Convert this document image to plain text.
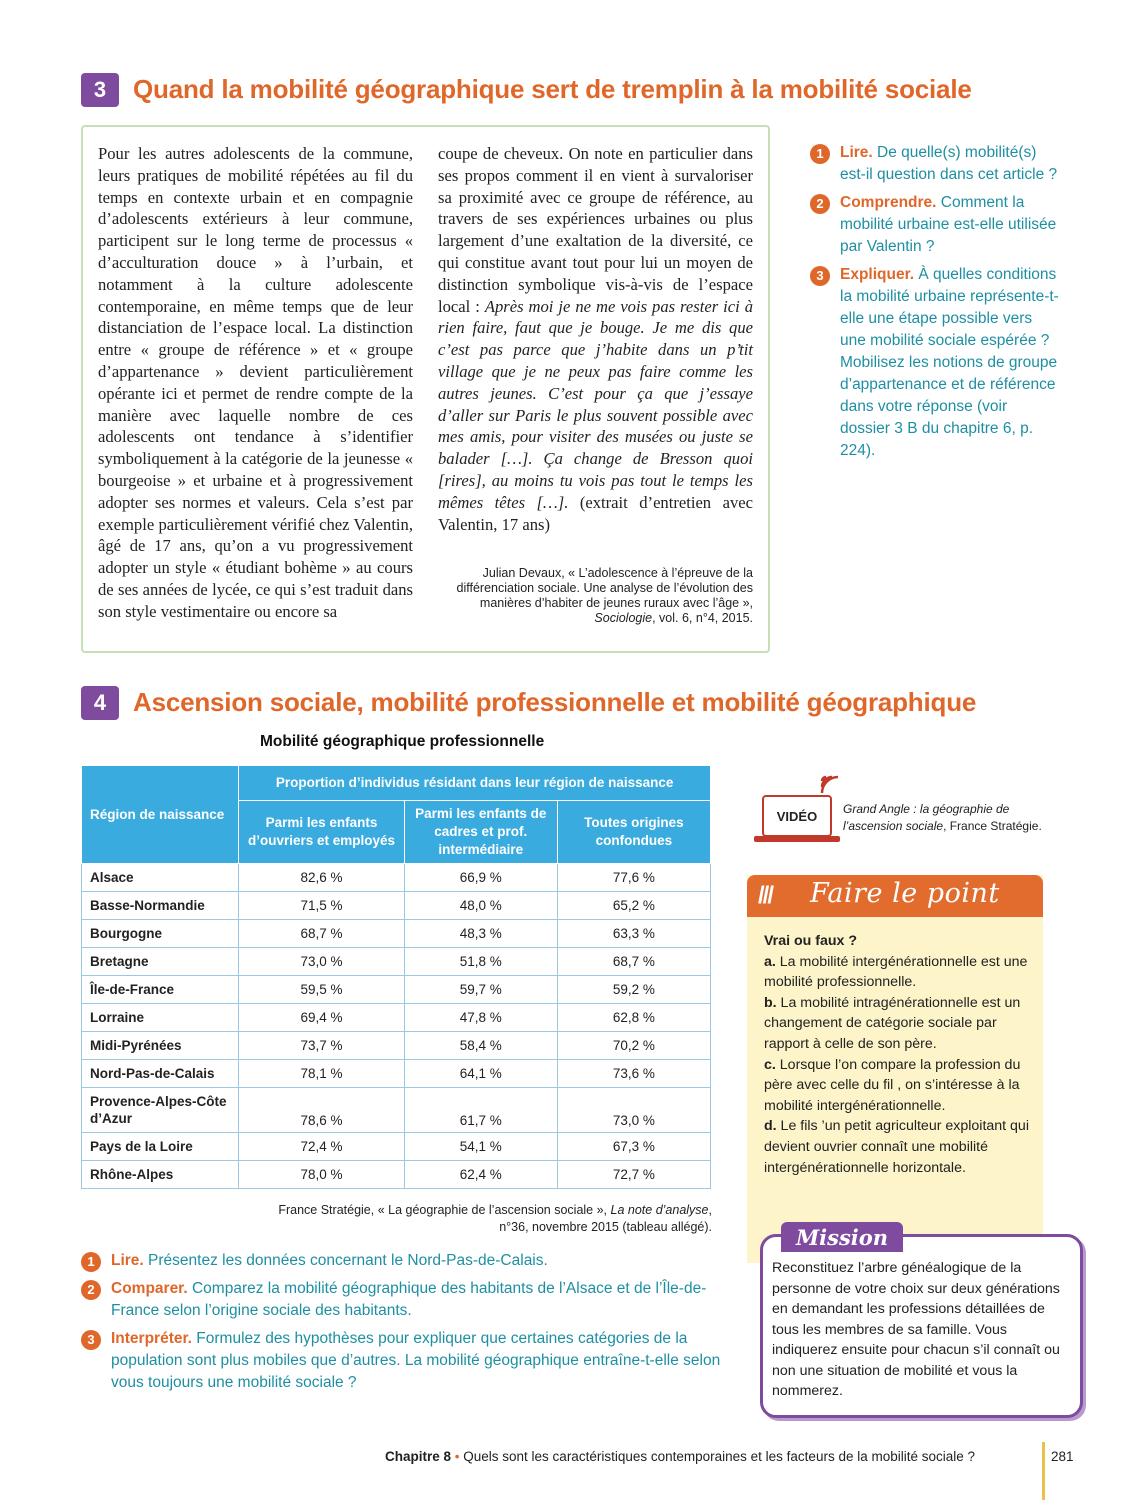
3	Quand la mobilité géographique sert de tremplin à la mobilité sociale

Pour les autres adolescents de la commune, leurs pratiques de mobilité répétées au fil du temps en contexte urbain et en compagnie d’adolescents extérieurs à leur commune, participent sur le long terme de processus « d’acculturation douce » à l’urbain, et notamment à la culture adolescente contemporaine, en même temps que de leur distanciation de l’espace local. La distinction entre « groupe de référence » et « groupe d’appartenance » devient particulièrement opérante ici et permet de rendre compte de la manière avec laquelle nombre de ces adolescents ont tendance à s’identifier symboliquement à la catégorie de la jeunesse « bourgeoise » et urbaine et à progressivement adopter ses normes et valeurs. Cela s’est par exemple particulièrement vérifié chez Valentin, âgé de 17 ans, qu’on a vu progressivement adopter un style « étudiant bohème » au cours de ses années de lycée, ce qui s’est traduit dans son style vestimentaire ou encore sa

coupe de cheveux. On note en particulier dans ses propos comment il en vient à survaloriser sa proximité avec ce groupe de référence, au travers de ses expériences urbaines ou plus largement d’une exaltation de la diversité, ce qui constitue avant tout pour lui un moyen de distinction symbolique vis-à-vis de l’espace local : Après moi je ne me vois pas rester ici à rien faire, faut que je bouge. Je me dis que c’est pas parce que j’habite dans un p’tit village que je ne peux pas faire comme les autres jeunes. C’est pour ça que j’essaye d’aller sur Paris le plus souvent possible avec mes amis, pour visiter des musées ou juste se balader […]. Ça change de Bresson quoi [rires], au moins tu vois pas tout le temps les mêmes têtes […]. (extrait d’entretien avec Valentin, 17 ans)

Julian Devaux, « L’adolescence à l’épreuve de la différenciation sociale. Une analyse de l’évolution des manières d’habiter de jeunes ruraux avec l’âge », Sociologie, vol. 6, n°4, 2015.
1	Lire. De quelle(s) mobilité(s) est-il question dans cet article ?
2	Comprendre. Comment la mobilité urbaine est-elle utilisée par Valentin ?
3	Expliquer. À quelles conditions la mobilité urbaine représente-t-elle une étape possible vers une mobilité sociale espérée ? Mobilisez les notions de groupe d’appartenance et de référence dans votre réponse (voir dossier 3 B du chapitre 6, p. 224).
4	Ascension sociale, mobilité professionnelle et mobilité géographique
Mobilité géographique professionnelle
Région de naissance	Proportion d’individus résidant dans leur région de naissance		
	Parmi les enfants d’ouvriers et employés	Parmi les enfants de cadres et prof. intermédiaire	Toutes origines confondues
Alsace	82,6 %	66,9 %	77,6 %
Basse-Normandie	71,5 %	48,0 %	65,2 %
Bourgogne	68,7 %	48,3 %	63,3 %
Bretagne	73,0 %	51,8 %	68,7 %
Île-de-France	59,5 %	59,7 %	59,2 %
Lorraine	69,4 %	47,8 %	62,8 %
Midi-Pyrénées	73,7 %	58,4 %	70,2 %
Nord-Pas-de-Calais	78,1 %	64,1 %	73,6 %
Provence-Alpes-Côte d’Azur	78,6 %	61,7 %	73,0 %
Pays de la Loire	72,4 %	54,1 %	67,3 %
Rhône-Alpes	78,0 %	62,4 %	72,7 %
France Stratégie, « La géographie de l’ascension sociale », La note d’analyse,
n°36, novembre 2015 (tableau allégé).
1	Lire. Présentez les données concernant le Nord-Pas-de-Calais.
2	Comparer. Comparez la mobilité géographique des habitants de l’Alsace et de l’Île-de-France selon l’origine sociale des habitants.
3	Interpréter. Formulez des hypothèses pour expliquer que certaines catégories de la population sont plus mobiles que d’autres. La mobilité géographique entraîne-t-elle selon vous toujours une mobilité sociale ?
VIDÉO	Grand Angle : la géographie de l’ascension sociale, France Stratégie.
/// Faire le point
Vrai ou faux ?
a. La mobilité intergénérationnelle est une mobilité professionnelle.
b. La mobilité intragénérationnelle est un changement de catégorie sociale par rapport à celle de son père.
c. Lorsque l’on compare la profession du père avec celle du fil , on s’intéresse à la mobilité intergénérationnelle.
d. Le fils ’un petit agriculteur exploitant qui devient ouvrier connaît une mobilité intergénérationnelle horizontale.
Mission
Reconstituez l’arbre généalogique de la personne de votre choix sur deux générations en demandant les professions détaillées de tous les membres de sa famille. Vous indiquerez ensuite pour chacun s’il connaît ou non une situation de mobilité et vous la nommerez.
Chapitre 8 • Quels sont les caractéristiques contemporaines et les facteurs de la mobilité sociale ?	281
